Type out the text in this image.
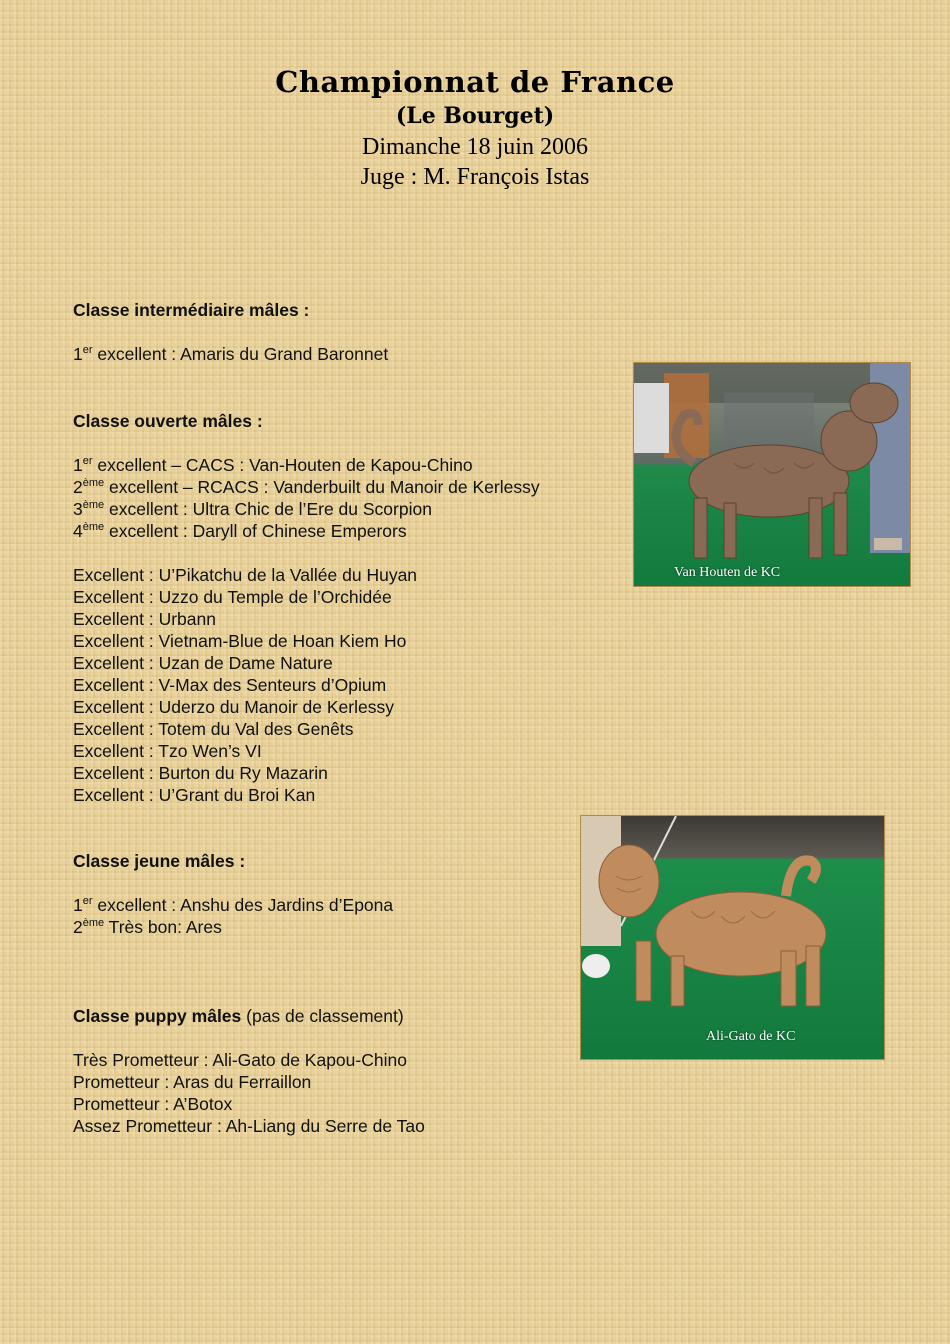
Championnat de France
(Le Bourget)
Dimanche 18 juin 2006
Juge : M. François Istas
Classe intermédiaire mâles :
1er excellent : Amaris du Grand Baronnet
Classe ouverte mâles :
1er excellent – CACS : Van-Houten de Kapou-Chino
2ème excellent – RCACS : Vanderbuilt du Manoir de Kerlessy
3ème excellent : Ultra Chic de l’Ere du Scorpion
4ème excellent : Daryll of Chinese Emperors
Excellent : U’Pikatchu de la Vallée du Huyan
Excellent : Uzzo du Temple de l’Orchidée
Excellent : Urbann
Excellent : Vietnam-Blue de Hoan Kiem Ho
Excellent : Uzan de Dame Nature
Excellent : V-Max des Senteurs d’Opium
Excellent : Uderzo du Manoir de Kerlessy
Excellent : Totem du Val des Genêts
Excellent : Tzo Wen’s VI
Excellent : Burton du Ry Mazarin
Excellent : U’Grant du Broi Kan
Classe jeune mâles :
1er excellent : Anshu des Jardins d’Epona
2ème Très bon: Ares
Classe puppy mâles (pas de classement)
Très Prometteur : Ali-Gato de Kapou-Chino
Prometteur : Aras du Ferraillon
Prometteur : A’Botox
Assez Prometteur : Ah-Liang du Serre de Tao
Van Houten de KC
Ali-Gato de KC
